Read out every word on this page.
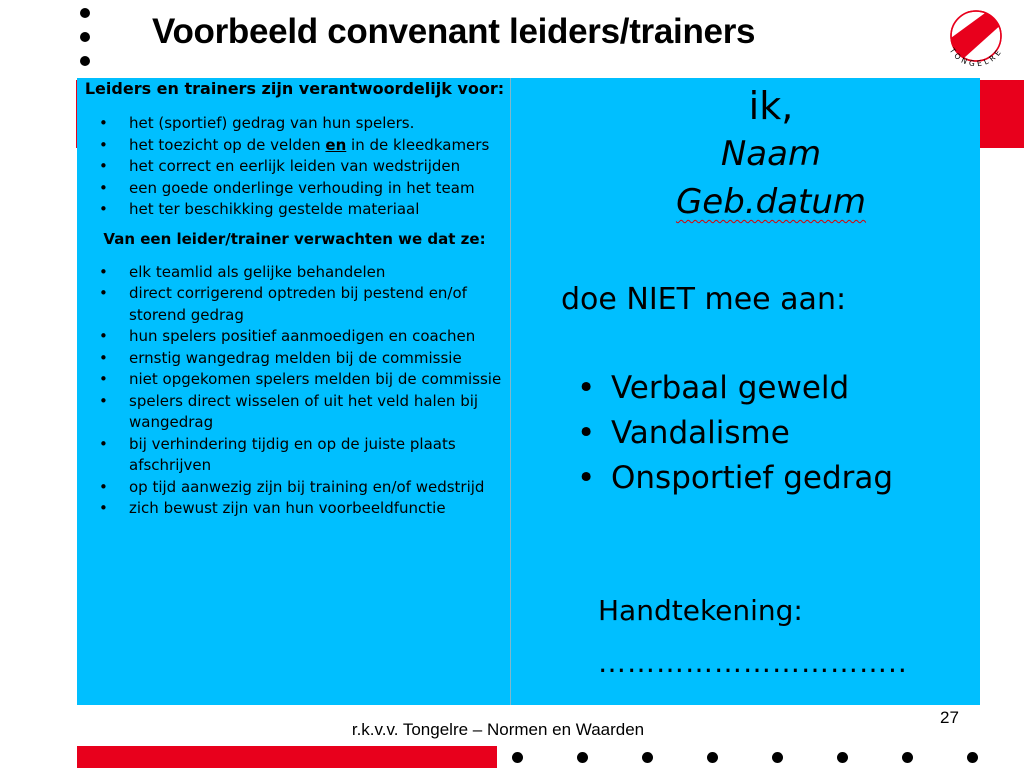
Voorbeeld convenant leiders/trainers
TONGELRE
Leiders en trainers zijn verantwoordelijk voor:
• het (sportief) gedrag van hun spelers.
• het toezicht op de velden en in de kleedkamers
• het correct en eerlijk leiden van wedstrijden
• een goede onderlinge verhouding in het team
• het ter beschikking gestelde materiaal
Van een leider/trainer verwachten we dat ze:
• elk teamlid als gelijke behandelen
• direct corrigerend optreden bij pestend en/of storend gedrag
• hun spelers positief aanmoedigen en coachen
• ernstig wangedrag melden bij de commissie
• niet opgekomen spelers melden bij de commissie
• spelers direct wisselen of uit het veld halen bij wangedrag
• bij verhindering tijdig en op de juiste plaats afschrijven
• op tijd aanwezig zijn bij training en/of wedstrijd
• zich bewust zijn van hun voorbeeldfunctie
ik,
Naam
Geb.datum
doe NIET mee aan:
• Verbaal geweld
• Vandalisme
• Onsportief gedrag
Handtekening:
…………………………..
27
r.k.v.v. Tongelre – Normen en Waarden
